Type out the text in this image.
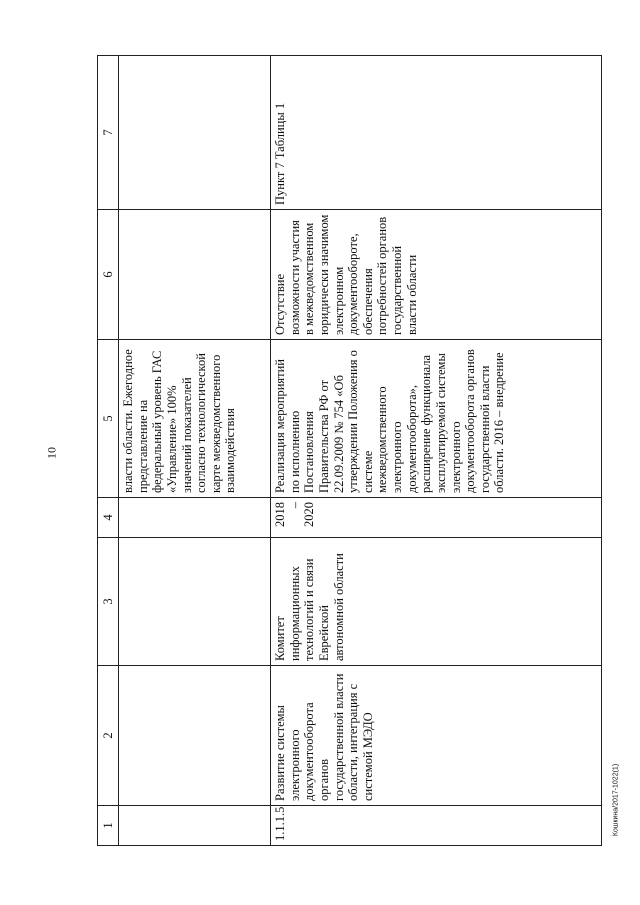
10
Кошкина/2017-1022(1)
1	2	3	4	5	6	7
				власти области. Ежегодное представление на федеральный уровень ГАС «Управление» 100% значений показателей согласно технологической карте межведомственного взаимодействия		
1.1.1.5	Развитие системы электронного документооборота органов государственной власти области, интеграция с системой МЭДО	Комитет информационных технологий и связи Еврейской автономной области	2018 – 2020	Реализация мероприятий по исполнению Постановления Правительства РФ от 22.09.2009 № 754 «Об утверждении Положения о системе межведомственного электронного документооборота», расширение функционала эксплуатируемой системы электронного документооборота органов государственной власти области. 2016 – внедрение	Отсутствие возможности участия в межведомственном юридически значимом электронном документообороте, обеспечения потребностей органов государственной власти области	Пункт 7 Таблицы 1
